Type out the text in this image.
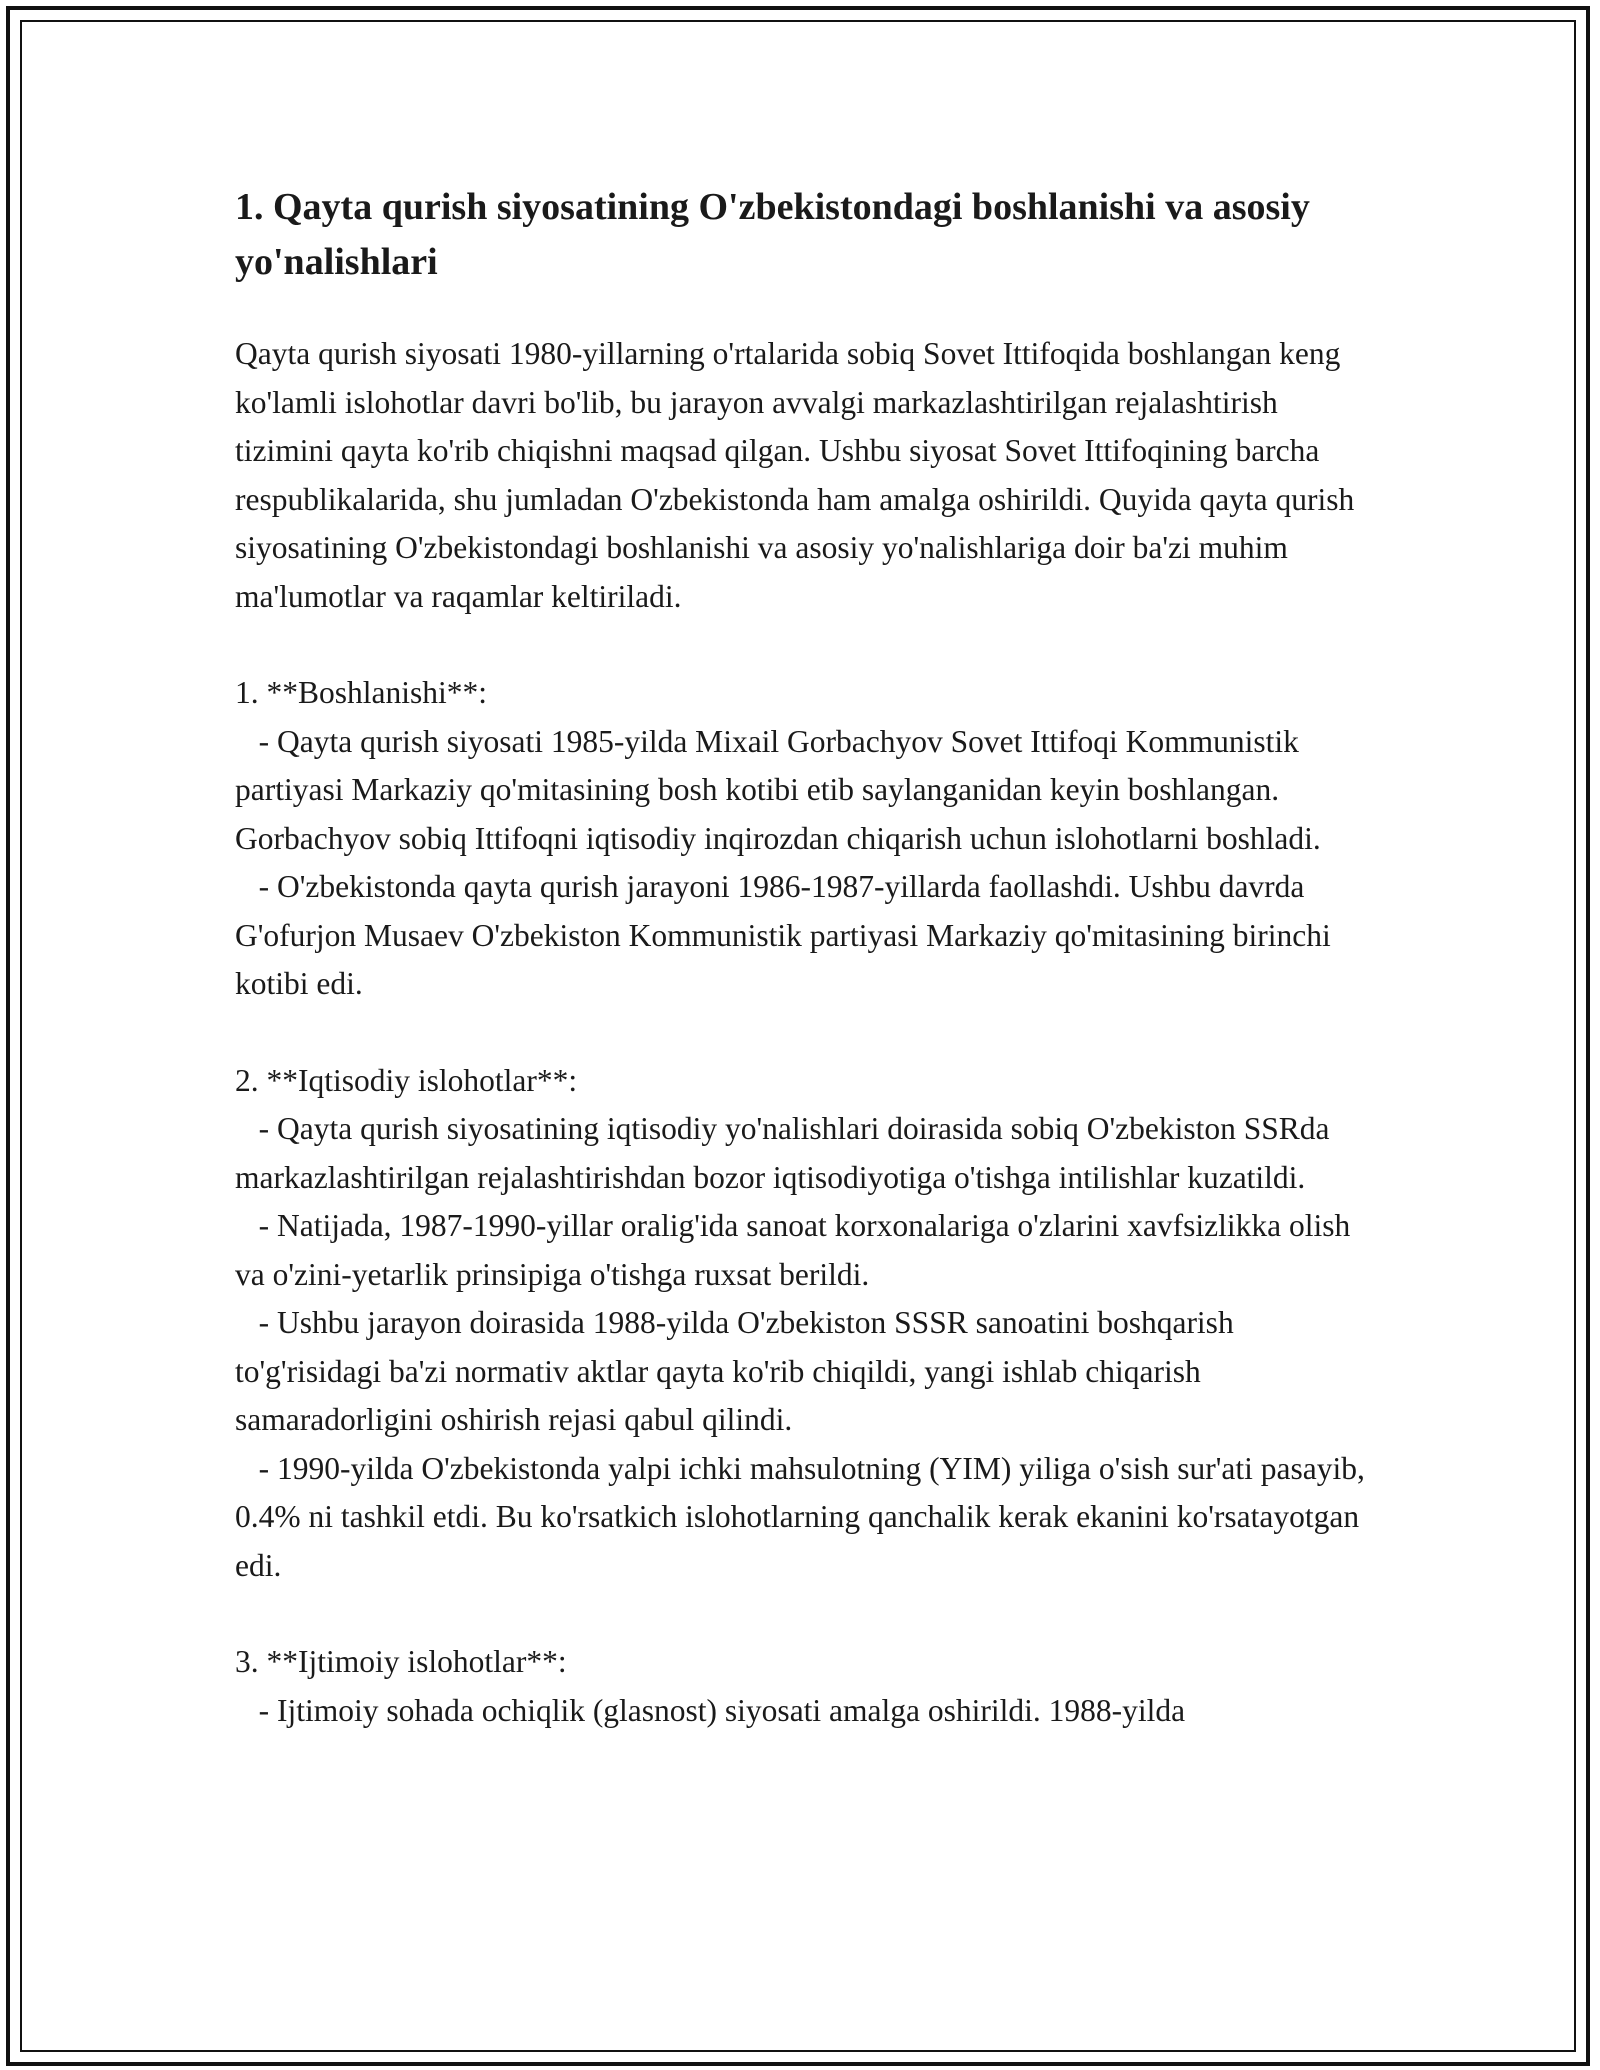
1. Qayta qurish siyosatining O'zbekistondagi boshlanishi va asosiy yo'nalishlari

Qayta qurish siyosati 1980-yillarning o'rtalarida sobiq Sovet Ittifoqida boshlangan keng ko'lamli islohotlar davri bo'lib, bu jarayon avvalgi markazlashtirilgan rejalashtirish tizimini qayta ko'rib chiqishni maqsad qilgan. Ushbu siyosat Sovet Ittifoqining barcha respublikalarida, shu jumladan O'zbekistonda ham amalga oshirildi. Quyida qayta qurish siyosatining O'zbekistondagi boshlanishi va asosiy yo'nalishlariga doir ba'zi muhim ma'lumotlar va raqamlar keltiriladi.

1. **Boshlanishi**:

- Qayta qurish siyosati 1985-yilda Mixail Gorbachyov Sovet Ittifoqi Kommunistik partiyasi Markaziy qo'mitasining bosh kotibi etib saylanganidan keyin boshlangan. Gorbachyov sobiq Ittifoqni iqtisodiy inqirozdan chiqarish uchun islohotlarni boshladi.

- O'zbekistonda qayta qurish jarayoni 1986-1987-yillarda faollashdi. Ushbu davrda G'ofurjon Musaev O'zbekiston Kommunistik partiyasi Markaziy qo'mitasining birinchi kotibi edi.

2. **Iqtisodiy islohotlar**:

- Qayta qurish siyosatining iqtisodiy yo'nalishlari doirasida sobiq O'zbekiston SSRda markazlashtirilgan rejalashtirishdan bozor iqtisodiyotiga o'tishga intilishlar kuzatildi.

- Natijada, 1987-1990-yillar oralig'ida sanoat korxonalariga o'zlarini xavfsizlikka olish va o'zini-yetarlik prinsipiga o'tishga ruxsat berildi.

- Ushbu jarayon doirasida 1988-yilda O'zbekiston SSSR sanoatini boshqarish to'g'risidagi ba'zi normativ aktlar qayta ko'rib chiqildi, yangi ishlab chiqarish samaradorligini oshirish rejasi qabul qilindi.

- 1990-yilda O'zbekistonda yalpi ichki mahsulotning (YIM) yiliga o'sish sur'ati pasayib, 0.4% ni tashkil etdi. Bu ko'rsatkich islohotlarning qanchalik kerak ekanini ko'rsatayotgan edi.

3. **Ijtimoiy islohotlar**:

- Ijtimoiy sohada ochiqlik (glasnost) siyosati amalga oshirildi. 1988-yilda
